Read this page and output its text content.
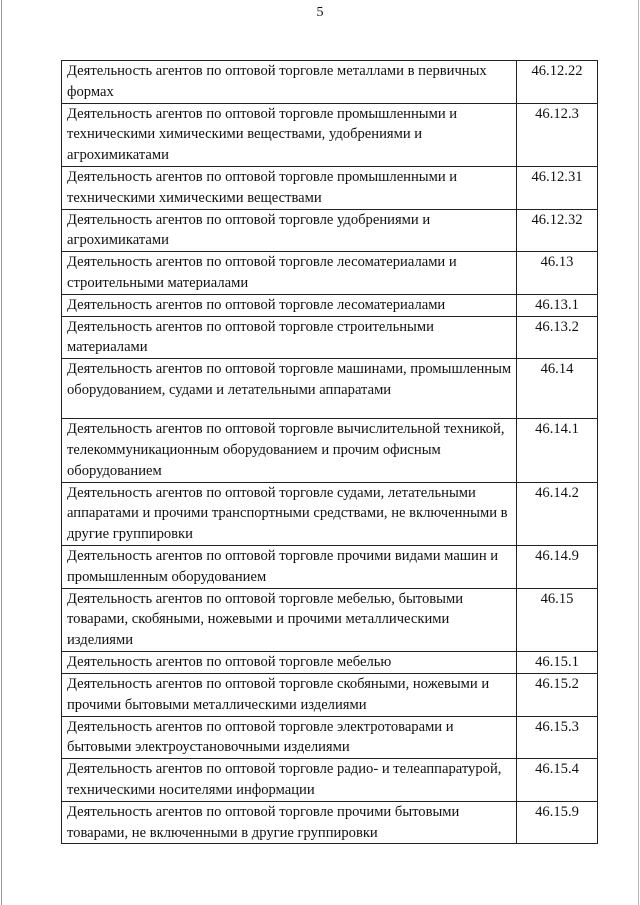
5
Деятельность агентов по оптовой торговле металлами в первичных формах	46.12.22
Деятельность агентов по оптовой торговле промышленными и техническими химическими веществами, удобрениями и агрохимикатами	46.12.3
Деятельность агентов по оптовой торговле промышленными и техническими химическими веществами	46.12.31
Деятельность агентов по оптовой торговле удобрениями и агрохимикатами	46.12.32
Деятельность агентов по оптовой торговле лесоматериалами и строительными материалами	46.13
Деятельность агентов по оптовой торговле лесоматериалами	46.13.1
Деятельность агентов по оптовой торговле строительными материалами	46.13.2
Деятельность агентов по оптовой торговле машинами, промышленным оборудованием, судами и летательными аппаратами	46.14
Деятельность агентов по оптовой торговле вычислительной техникой, телекоммуникационным оборудованием и прочим офисным оборудованием	46.14.1
Деятельность агентов по оптовой торговле судами, летательными аппаратами и прочими транспортными средствами, не включенными в другие группировки	46.14.2
Деятельность агентов по оптовой торговле прочими видами машин и промышленным оборудованием	46.14.9
Деятельность агентов по оптовой торговле мебелью, бытовыми товарами, скобяными, ножевыми и прочими металлическими изделиями	46.15
Деятельность агентов по оптовой торговле мебелью	46.15.1
Деятельность агентов по оптовой торговле скобяными, ножевыми и прочими бытовыми металлическими изделиями	46.15.2
Деятельность агентов по оптовой торговле электротоварами и бытовыми электроустановочными изделиями	46.15.3
Деятельность агентов по оптовой торговле радио- и телеаппаратурой, техническими носителями информации	46.15.4
Деятельность агентов по оптовой торговле прочими бытовыми товарами, не включенными в другие группировки	46.15.9
